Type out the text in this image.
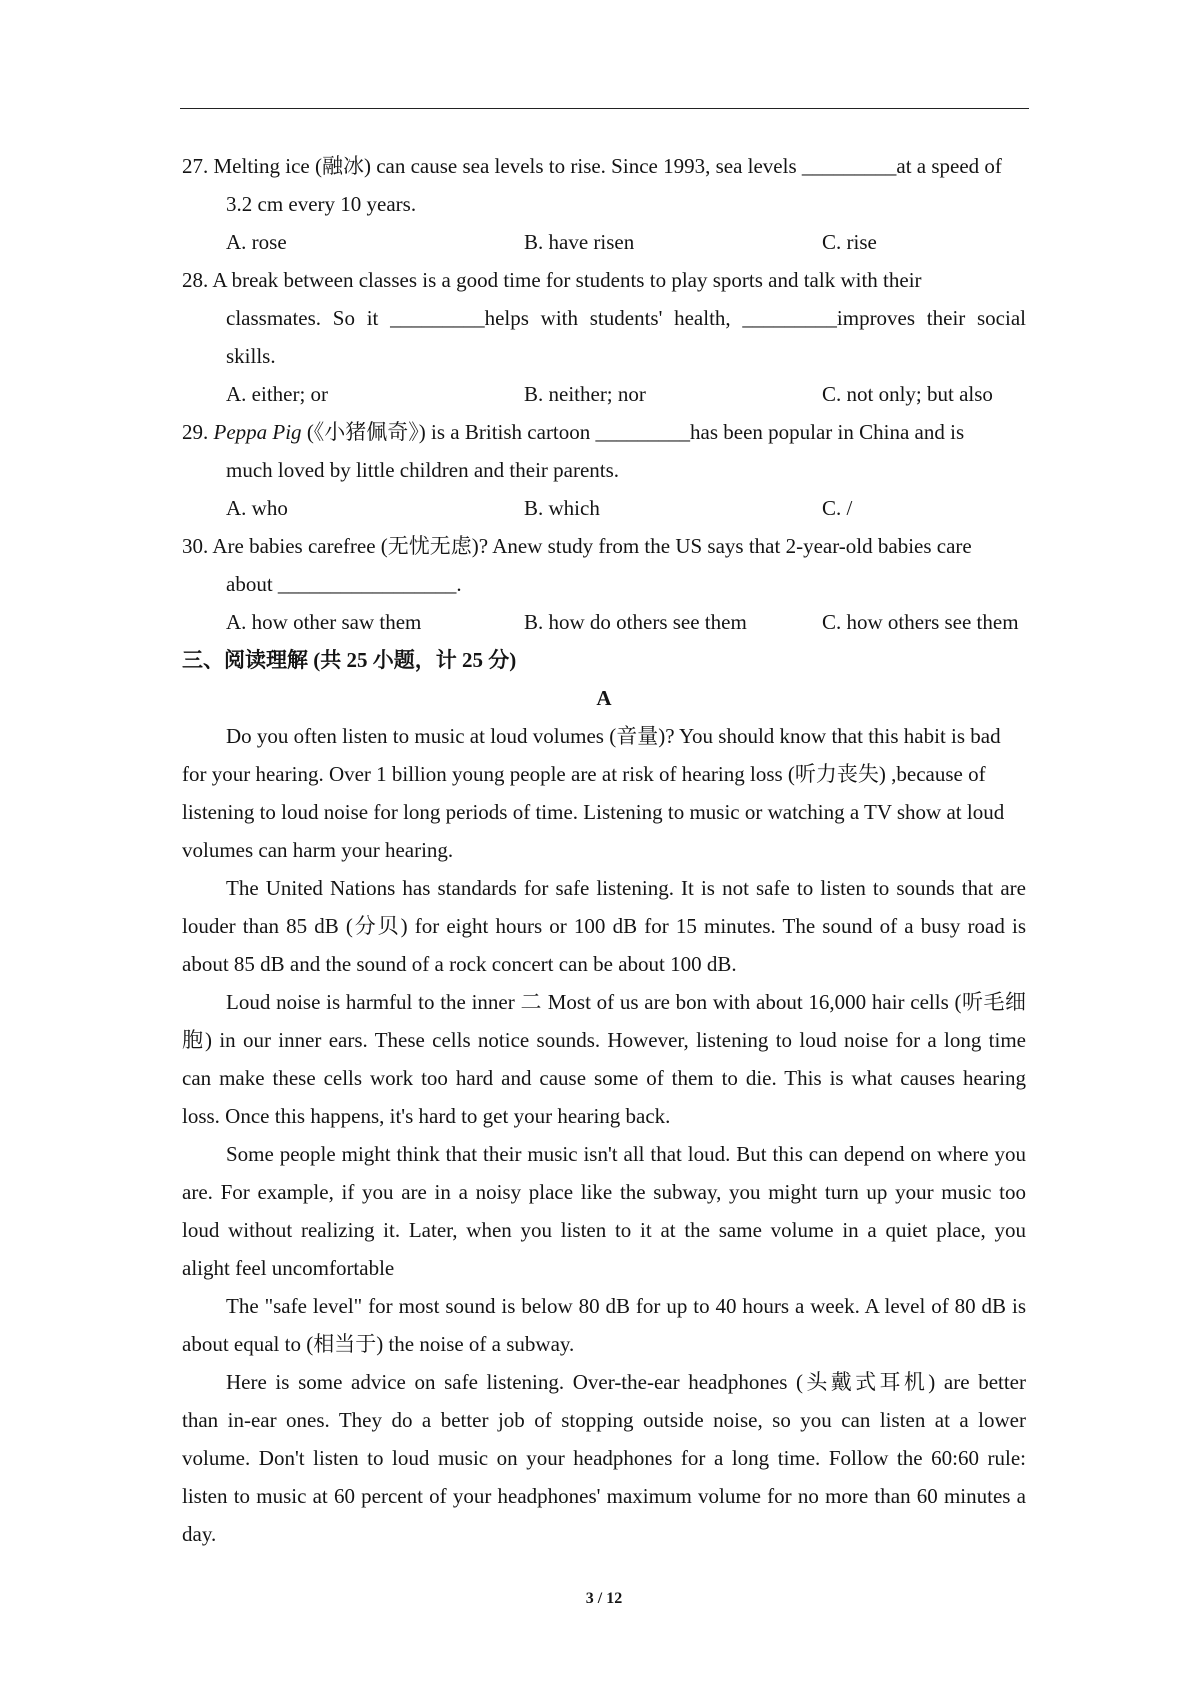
27. Melting ice (融冰) can cause sea levels to rise. Since 1993, sea levels _________at a speed of
3.2 cm every 10 years.
A. rose	B. have risen	C. rise
28. A break between classes is a good time for students to play sports and talk with their
classmates. So it _________helps with students' health, _________improves their social
skills.
A. either; or	B. neither; nor	C. not only; but also
29. Peppa Pig (《小猪佩奇》) is a British cartoon _________has been popular in China and is
much loved by little children and their parents.
A. who	B. which	C. /
30. Are babies carefree (无忧无虑)? Anew study from the US says that 2-year-old babies care
about _________________.
A. how other saw them	B. how do others see them	C. how others see them
三、阅读理解 (共 25 小题，计 25 分)
A
Do you often listen to music at loud volumes (音量)? You should know that this habit is bad
for your hearing. Over 1 billion young people are at risk of hearing loss (听力丧失) ,because of
listening to loud noise for long periods of time. Listening to music or watching a TV show at loud
volumes can harm your hearing.
The United Nations has standards for safe listening. It is not safe to listen to sounds that are
louder than 85 dB (分贝) for eight hours or 100 dB for 15 minutes. The sound of a busy road is
about 85 dB and the sound of a rock concert can be about 100 dB.
Loud noise is harmful to the inner 二 Most of us are bon with about 16,000 hair cells (听毛细
胞) in our inner ears. These cells notice sounds. However, listening to loud noise for a long time
can make these cells work too hard and cause some of them to die. This is what causes hearing
loss. Once this happens, it's hard to get your hearing back.
Some people might think that their music isn't all that loud. But this can depend on where you
are. For example, if you are in a noisy place like the subway, you might turn up your music too
loud without realizing it. Later, when you listen to it at the same volume in a quiet place, you
alight feel uncomfortable
The "safe level" for most sound is below 80 dB for up to 40 hours a week. A level of 80 dB is
about equal to (相当于) the noise of a subway.
Here is some advice on safe listening. Over-the-ear headphones (头戴式耳机) are better
than in-ear ones. They do a better job of stopping outside noise, so you can listen at a lower
volume. Don't listen to loud music on your headphones for a long time. Follow the 60:60 rule:
listen to music at 60 percent of your headphones' maximum volume for no more than 60 minutes a
day.
3 / 12
